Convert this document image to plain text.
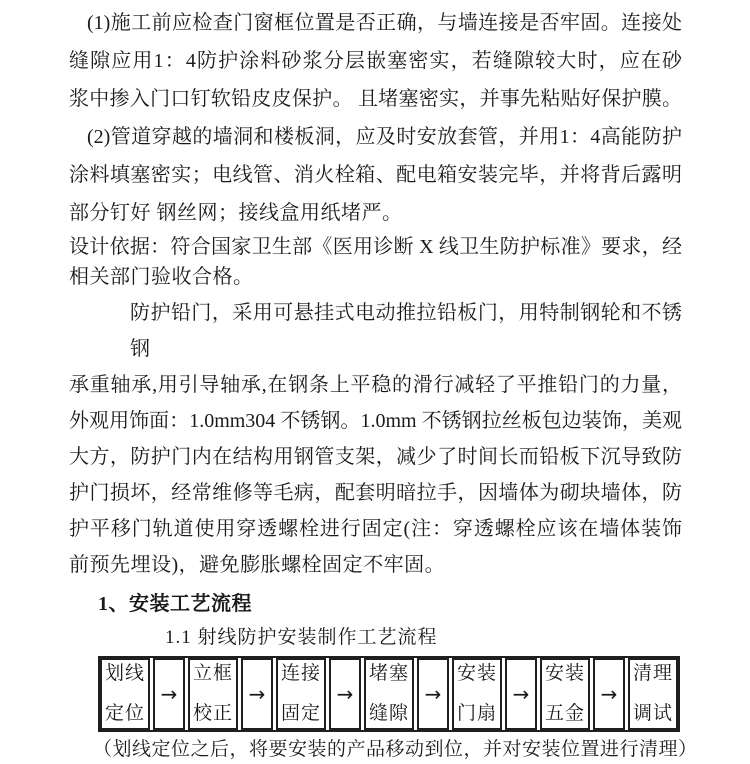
(1)施工前应检查门窗框位置是否正确，与墙连接是否牢固。连接处
缝隙应用1：4防护涂料砂浆分层嵌塞密实，若缝隙较大时，应在砂
浆中掺入门口钉软铅皮皮保护。 且堵塞密实，并事先粘贴好保护膜。
(2)管道穿越的墙洞和楼板洞，应及时安放套管，并用1：4高能防护
涂料填塞密实；电线管、消火栓箱、配电箱安装完毕，并将背后露明
部分钉好 钢丝网；接线盒用纸堵严。
设计依据：符合国家卫生部《医用诊断 X 线卫生防护标准》要求，经
相关部门验收合格。
防护铅门，采用可悬挂式电动推拉铅板门，用特制钢轮和不锈钢
承重轴承,用引导轴承,在钢条上平稳的滑行减轻了平推铅门的力量，
外观用饰面：1.0mm304 不锈钢。1.0mm 不锈钢拉丝板包边装饰，美观
大方，防护门内在结构用钢管支架，减少了时间长而铅板下沉导致防
护门损坏，经常维修等毛病，配套明暗拉手，因墙体为砌块墙体，防
护平移门轨道使用穿透螺栓进行固定(注：穿透螺栓应该在墙体装饰
前预先埋设)，避免膨胀螺栓固定不牢固。
1、安装工艺流程
1.1 射线防护安装制作工艺流程
划线
定位
→
立框
校正
→
连接
固定
→
堵塞
缝隙
→
安装
门扇
→
安装
五金
→
清理
调试
（划线定位之后，将要安装的产品移动到位，并对安装位置进行清理）
